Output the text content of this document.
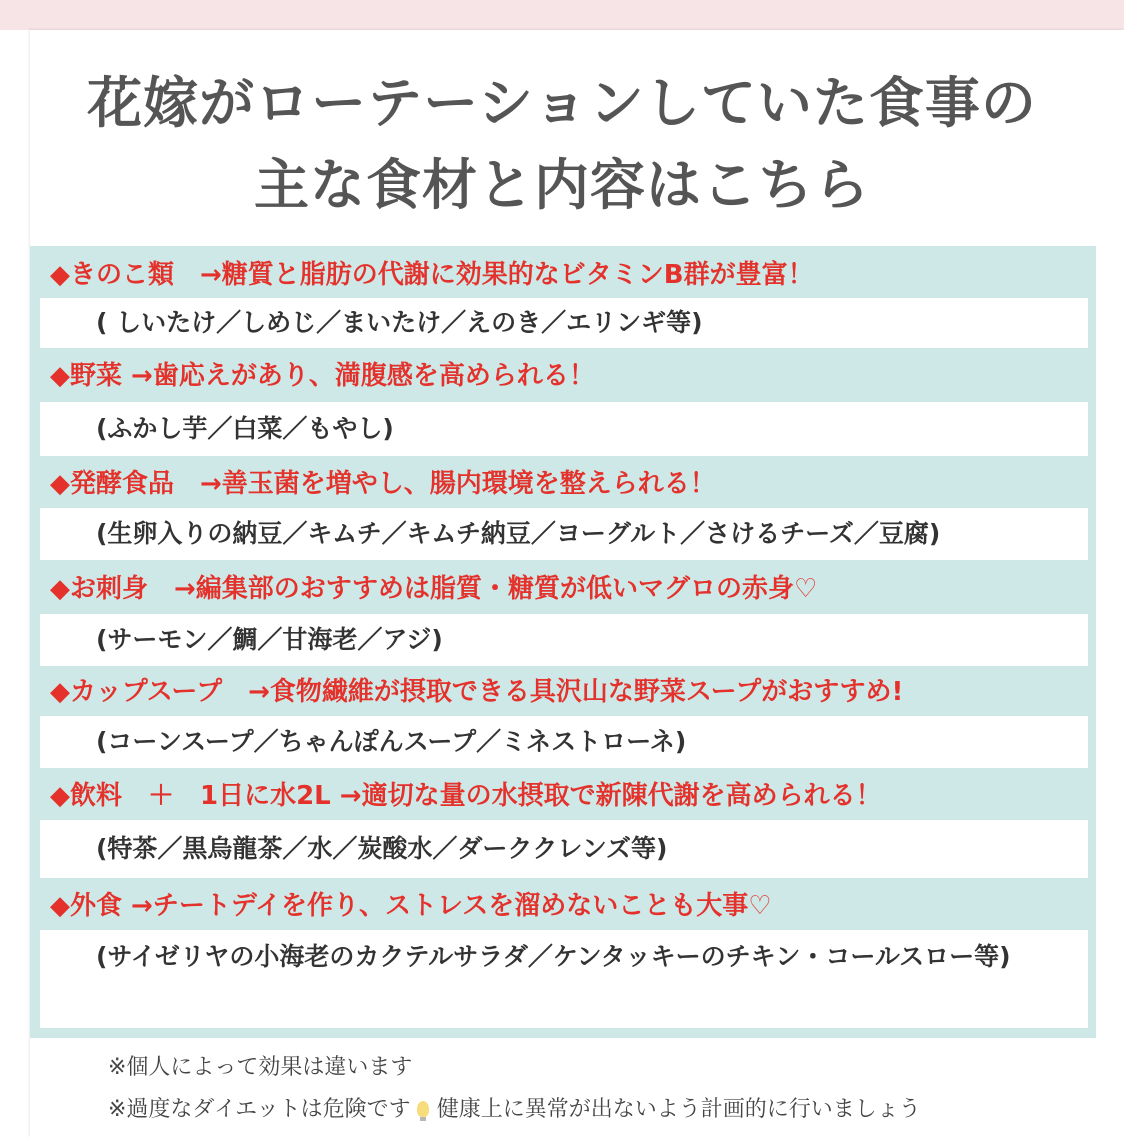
花嫁がローテーションしていた食事の
主な食材と内容はこちら
◆きのこ類　→糖質と脂肪の代謝に効果的なビタミンB群が豊富！
( しいたけ／しめじ／まいたけ／えのき／エリンギ等)
◆野菜 →歯応えがあり、満腹感を高められる！
(ふかし芋／白菜／もやし)
◆発酵食品　→善玉菌を増やし、腸内環境を整えられる！
(生卵入りの納豆／キムチ／キムチ納豆／ヨーグルト／さけるチーズ／豆腐)
◆お刺身　→編集部のおすすめは脂質・糖質が低いマグロの赤身♡
(サーモン／鯛／甘海老／アジ)
◆カップスープ　→食物繊維が摂取できる具沢山な野菜スープがおすすめ!
(コーンスープ／ちゃんぽんスープ／ミネストローネ)
◆飲料　＋　1日に水2L →適切な量の水摂取で新陳代謝を高められる！
(特茶／黒烏龍茶／水／炭酸水／ダーククレンズ等)
◆外食 →チートデイを作り、ストレスを溜めないことも大事♡
(サイゼリヤの小海老のカクテルサラダ／ケンタッキーのチキン・コールスロー等)
※個人によって効果は違います
※過度なダイエットは危険です 健康上に異常が出ないよう計画的に行いましょう
